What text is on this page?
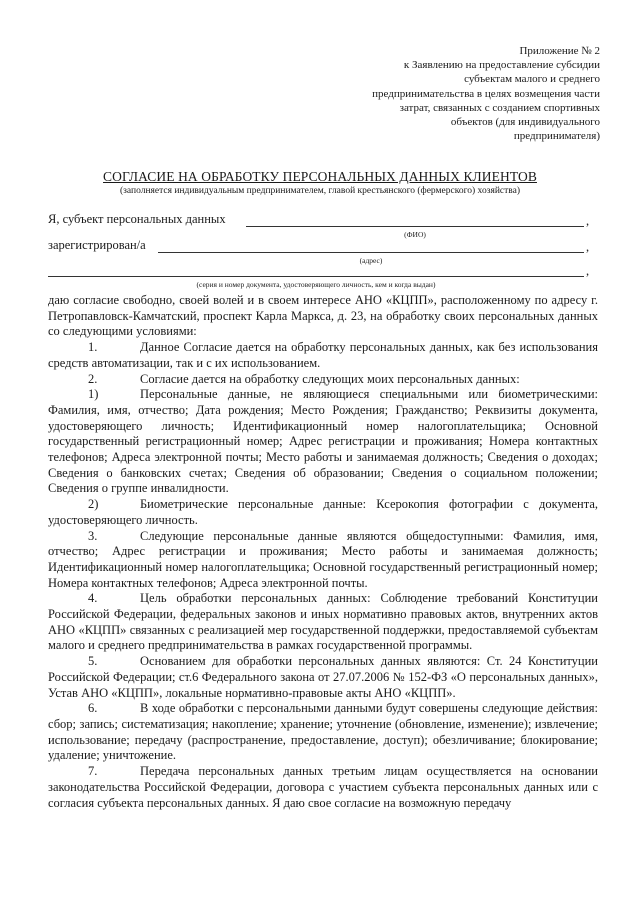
Приложение № 2
к Заявлению на предоставление субсидии
субъектам малого и среднего
предпринимательства в целях возмещения части
затрат, связанных с созданием спортивных
объектов (для индивидуального
предпринимателя)
СОГЛАСИЕ НА ОБРАБОТКУ ПЕРСОНАЛЬНЫХ ДАННЫХ КЛИЕНТОВ
(заполняется индивидуальным предпринимателем, главой крестьянского (фермерского) хозяйства)
Я, субъект персональных данных	,
(ФИО)
зарегистрирован/а	,
(адрес)
,
(серия и номер документа, удостоверяющего личность, кем и когда выдан)

даю согласие свободно, своей волей и в своем интересе АНО «КЦПП», расположенному по адресу г. Петропавловск-Камчатский, проспект Карла Маркса, д. 23, на обработку своих персональных данных со следующими условиями:

1.	Данное Согласие дается на обработку персональных данных, как без использования средств автоматизации, так и с их использованием.

2.	Согласие дается на обработку следующих моих персональных данных:

1)	Персональные данные, не являющиеся специальными или биометрическими: Фамилия, имя, отчество; Дата рождения; Место Рождения; Гражданство; Реквизиты документа, удостоверяющего личность; Идентификационный номер налогоплательщика; Основной государственный регистрационный номер; Адрес регистрации и проживания; Номера контактных телефонов; Адреса электронной почты; Место работы и занимаемая должность; Сведения о доходах; Сведения о банковских счетах; Сведения об образовании; Сведения о социальном положении; Сведения о группе инвалидности.

2)	Биометрические персональные данные: Ксерокопия фотографии с документа, удостоверяющего личность.

3.	Следующие персональные данные являются общедоступными: Фамилия, имя, отчество; Адрес регистрации и проживания; Место работы и занимаемая должность; Идентификационный номер налогоплательщика; Основной государственный регистрационный номер; Номера контактных телефонов; Адреса электронной почты.

4.	Цель обработки персональных данных: Соблюдение требований Конституции Российской Федерации, федеральных законов и иных нормативно правовых актов, внутренних актов АНО «КЦПП» связанных с реализацией мер государственной поддержки, предоставляемой субъектам малого и среднего предпринимательства в рамках государственной программы.

5.	Основанием для обработки персональных данных являются: Ст. 24 Конституции Российской Федерации; ст.6 Федерального закона от 27.07.2006 № 152-ФЗ «О персональных данных», Устав АНО «КЦПП», локальные нормативно-правовые акты АНО «КЦПП».

6.	В ходе обработки с персональными данными будут совершены следующие действия: сбор; запись; систематизация; накопление; хранение; уточнение (обновление, изменение); извлечение; использование; передачу (распространение, предоставление, доступ); обезличивание; блокирование; удаление; уничтожение.

7.	Передача персональных данных третьим лицам осуществляется на основании законодательства Российской Федерации, договора с участием субъекта персональных данных или с согласия субъекта персональных данных. Я даю свое согласие на возможную передачу
